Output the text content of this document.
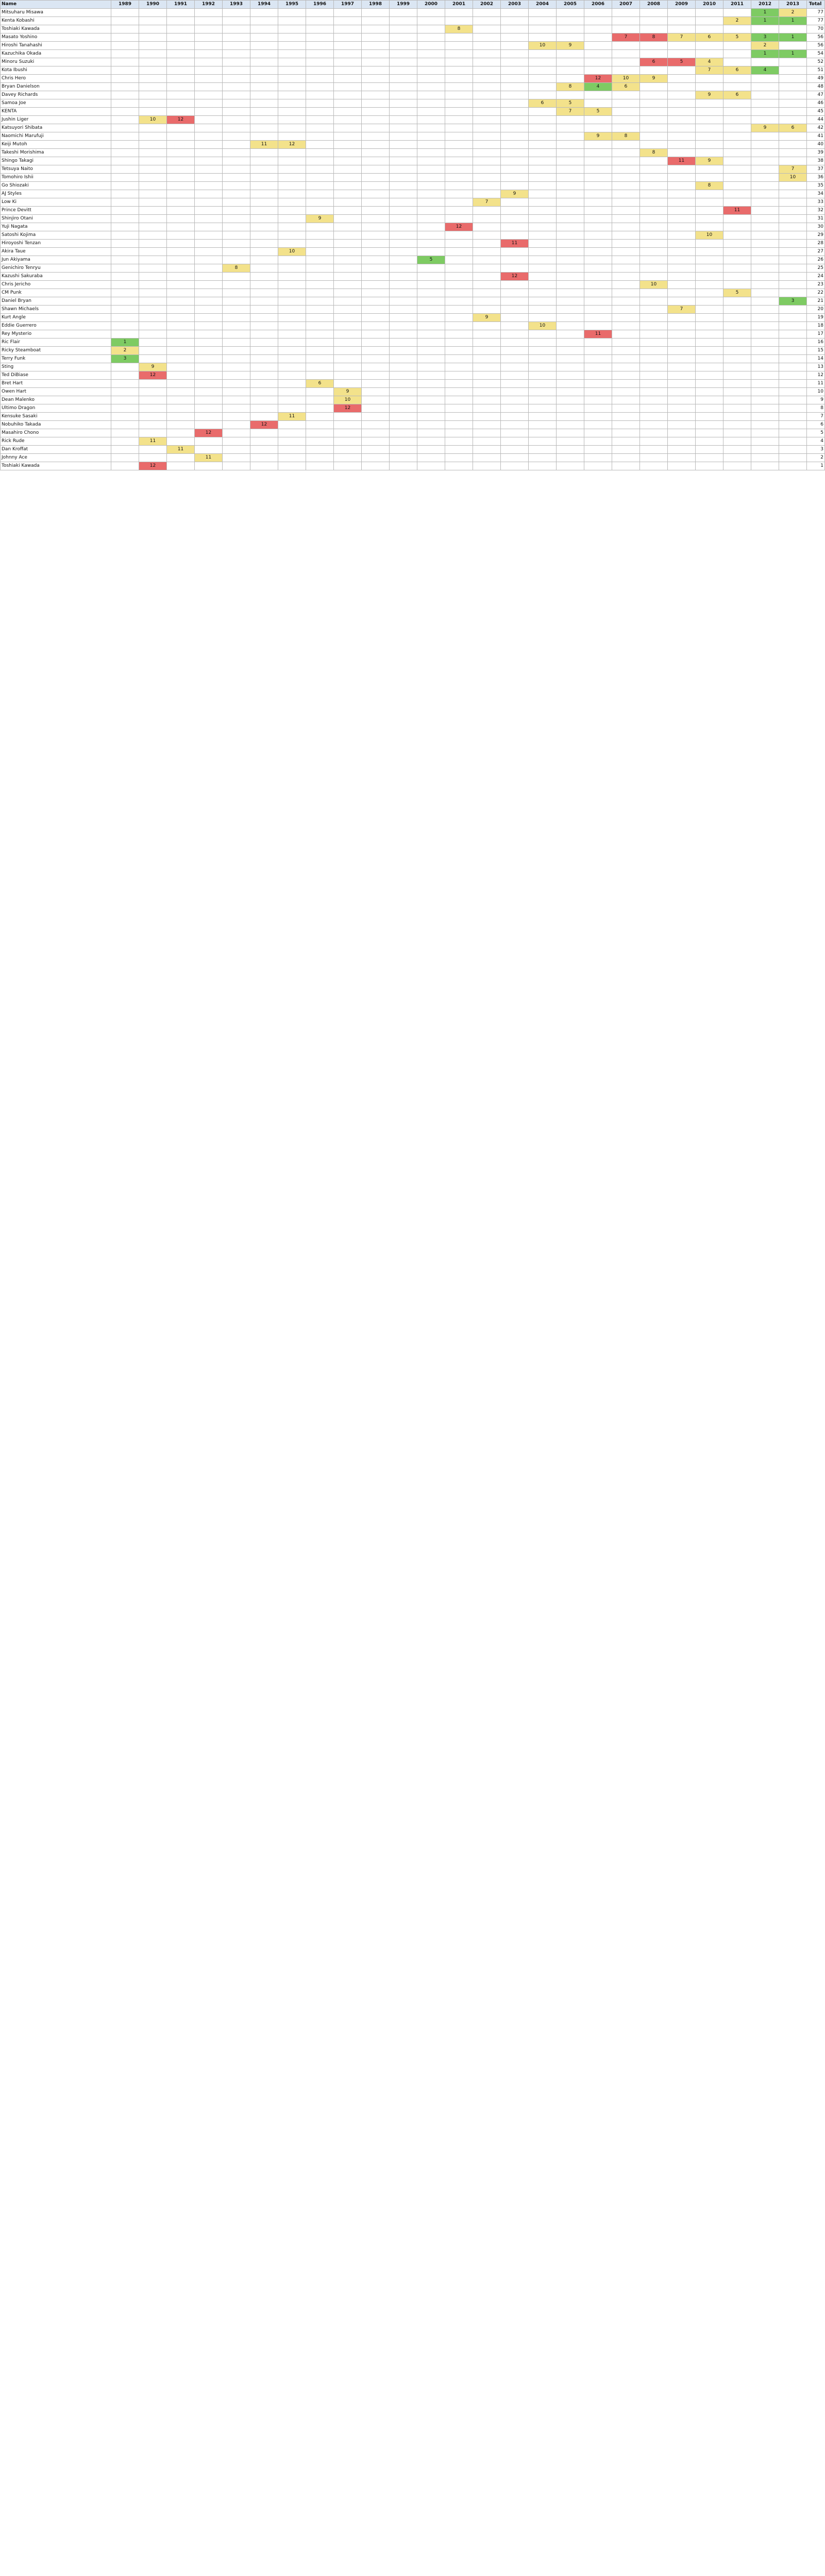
Name	1989	1990	1991	1992	1993	1994	1995	1996	1997	1998	1999	2000	2001	2002	2003	2004	2005	2006	2007	2008	2009	2010	2011	2012	2013	Total
Mitsuharu Misawa																								1	2	77
Kenta Kobashi																							2	1	1	77
Toshiaki Kawada													8													70
Masato Yoshino																			7	8	7	6	5	3	1	56
Hiroshi Tanahashi																10	9							2		56
Kazuchika Okada																								1	1	54
Minoru Suzuki																				6	5	4				52
Kota Ibushi																						7	6	4		51
Chris Hero																		12	10	9						49
Bryan Danielson																	8	4	6							48
Davey Richards																						9	6			47
Samoa Joe																6	5									46
KENTA																	7	5								45
Jushin Liger		10	12																							44
Katsuyori Shibata																								9	6	42
Naomichi Marufuji																		9	8							41
Keiji Mutoh						11	12																			40
Takeshi Morishima																				8						39
Shingo Takagi																					11	9				38
Tetsuya Naito																									7	37
Tomohiro Ishii																									10	36
Go Shiozaki																						8				35
AJ Styles															9											34
Low Ki														7												33
Prince Devitt																							11			32
Shinjiro Otani								9																		31
Yuji Nagata													12													30
Satoshi Kojima																						10				29
Hiroyoshi Tenzan															11											28
Akira Taue							10																			27
Jun Akiyama												5														26
Genichiro Tenryu					8																					25
Kazushi Sakuraba															12											24
Chris Jericho																				10						23
CM Punk																							5			22
Daniel Bryan																									3	21
Shawn Michaels																					7					20
Kurt Angle														9												19
Eddie Guerrero																10										18
Rey Mysterio																		11								17
Ric Flair	1																									16
Ricky Steamboat	2																									15
Terry Funk	3																									14
Sting		9																								13
Ted DiBiase		12																								12
Bret Hart								6																		11
Owen Hart									9																	10
Dean Malenko									10																	9
Ultimo Dragon									12																	8
Kensuke Sasaki							11																			7
Nobuhiko Takada						12																				6
Masahiro Chono				12																						5
Rick Rude		11																								4
Dan Kroffat			11																							3
Johnny Ace				11																						2
Toshiaki Kawada		12																								1
